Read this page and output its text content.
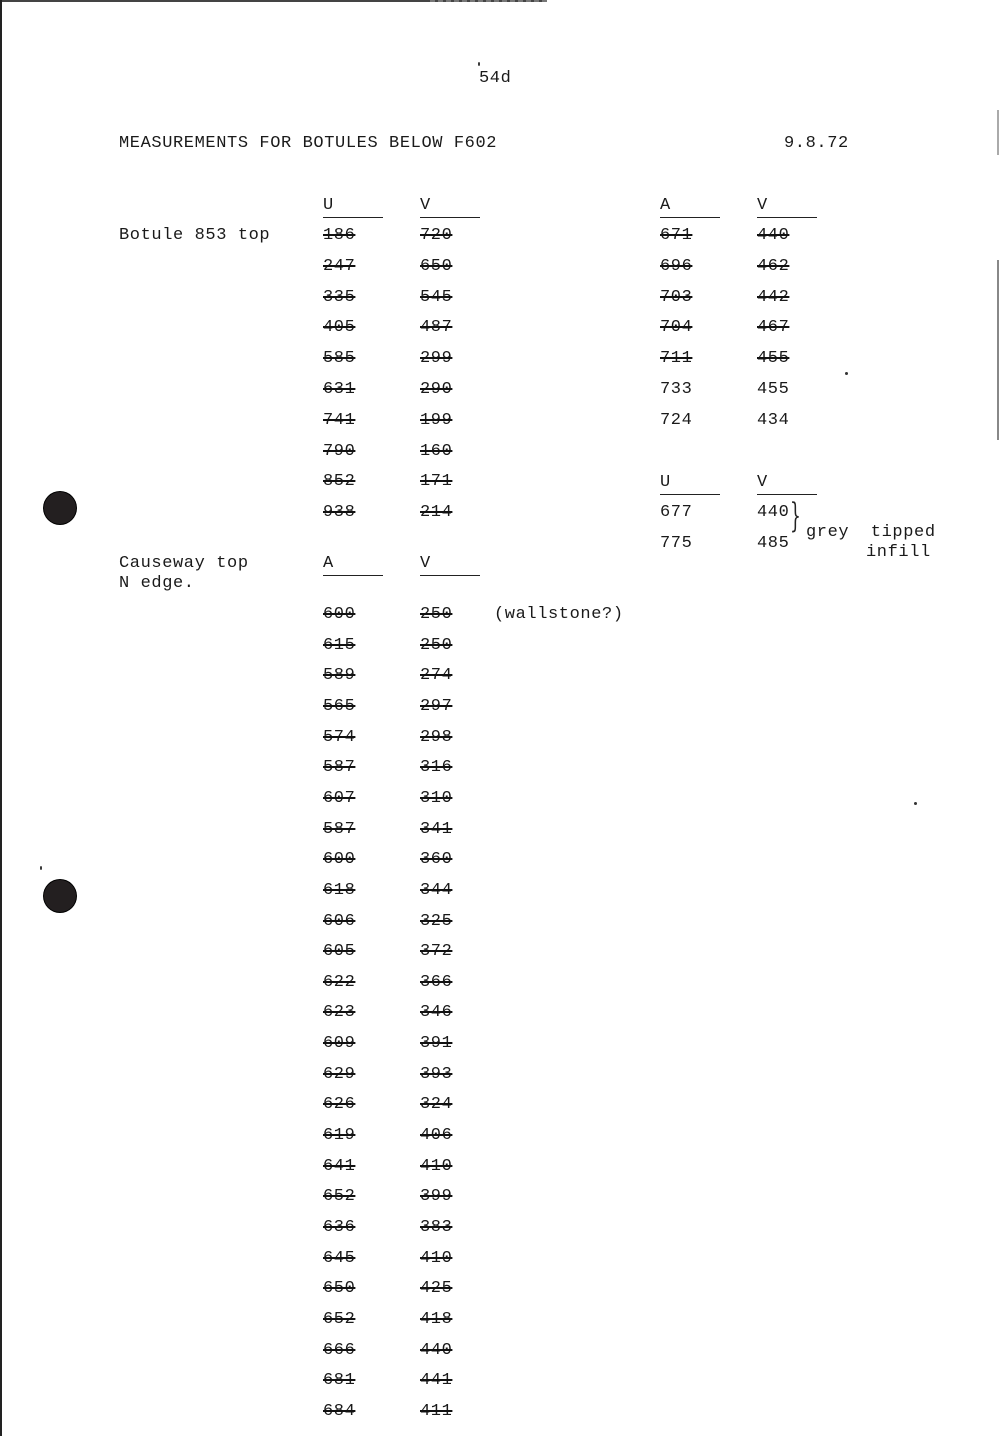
54d
MEASUREMENTS FOR BOTULES BELOW F602	9.8.72
Botule 853 top
U	V
186	720
247	650
335	545
405	487
585	299
631	290
741	199
790	160
852	171
938	214
A	V
671	440
696	462
703	442
704	467
711	455
733	455
724	434
U	V
677	440
775	485
} grey  tipped
infill
Causeway top
N edge.
A	V
(wallstone?)
600	250
615	250
589	274
565	297
574	298
587	316
607	310
587	341
600	360
618	344
606	325
605	372
622	366
623	346
609	391
629	393
626	324
619	406
641	410
652	399
636	383
645	410
650	425
652	418
666	440
681	441
684	411
